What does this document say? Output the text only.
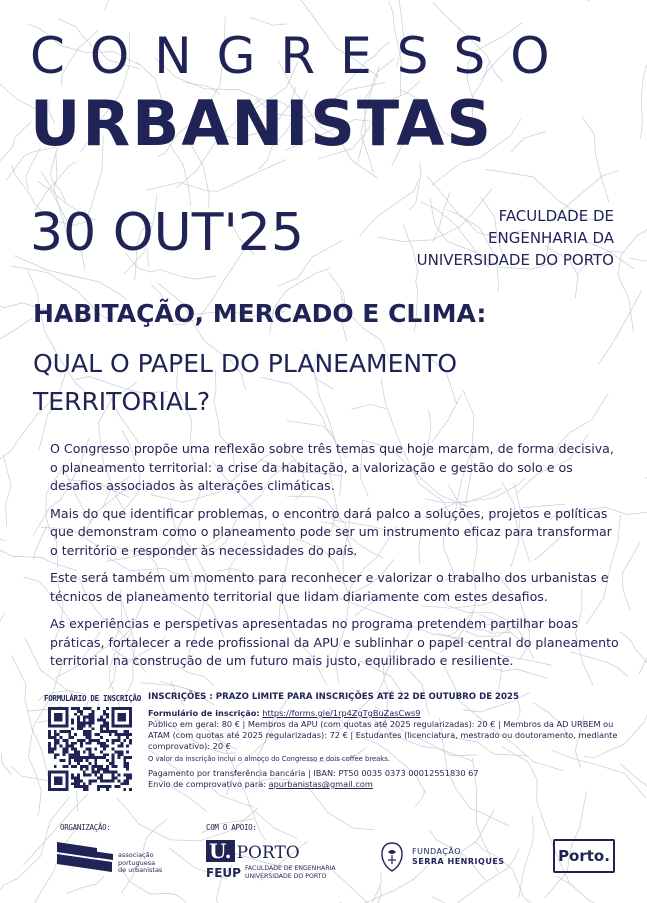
CONGRESSO
URBANISTAS
30 OUT'25	FACULDADE DE
ENGENHARIA DA
UNIVERSIDADE DO PORTO
HABITAÇÃO, MERCADO E CLIMA:
QUAL O PAPEL DO PLANEAMENTO
TERRITORIAL?

O Congresso propõe uma reflexão sobre três temas que hoje marcam, de forma decisiva, o planeamento territorial: a crise da habitação, a valorização e gestão do solo e os desafios associados às alterações climáticas.

Mais do que identificar problemas, o encontro dará palco a soluções, projetos e políticas que demonstram como o planeamento pode ser um instrumento eficaz para transformar o território e responder às necessidades do país.

Este será também um momento para reconhecer e valorizar o trabalho dos urbanistas e técnicos de planeamento territorial que lidam diariamente com estes desafios.

As experiências e perspetivas apresentadas no programa pretendem partilhar boas práticas, fortalecer a rede profissional da APU e sublinhar o papel central do planeamento territorial na construção de um futuro mais justo, equilibrado e resiliente.

FORMULÁRIO DE INSCRIÇÃO INSCRIÇÕES : PRAZO LIMITE PARA INSCRIÇÕES ATÉ 22 DE OUTUBRO DE 2025

Formulário de inscrição: https://forms.gle/1rp4ZgTgBuZasCws9

Público em geral: 80 € | Membros da APU (com quotas até 2025 regularizadas): 20 € | Membros da AD URBEM ou ATAM (com quotas até 2025 regularizadas): 72 € | Estudantes (licenciatura, mestrado ou doutoramento, mediante comprovativo): 20 €

O valor da inscrição inclui o almoço do Congresso e dois coffee breaks.

Pagamento por transferência bancária | IBAN: PT50 0035 0373 00012551830 67

Envio de comprovativo para: apurbanistas@gmail.com

ORGANIZAÇÃO:	COM O APOIO:
associação
portuguesa
de urbanistas
U. PORTO
FEUP FACULDADE DE ENGENHARIA
UNIVERSIDADE DO PORTO
FUNDAÇÃO
SERRA HENRIQUES	Porto.
